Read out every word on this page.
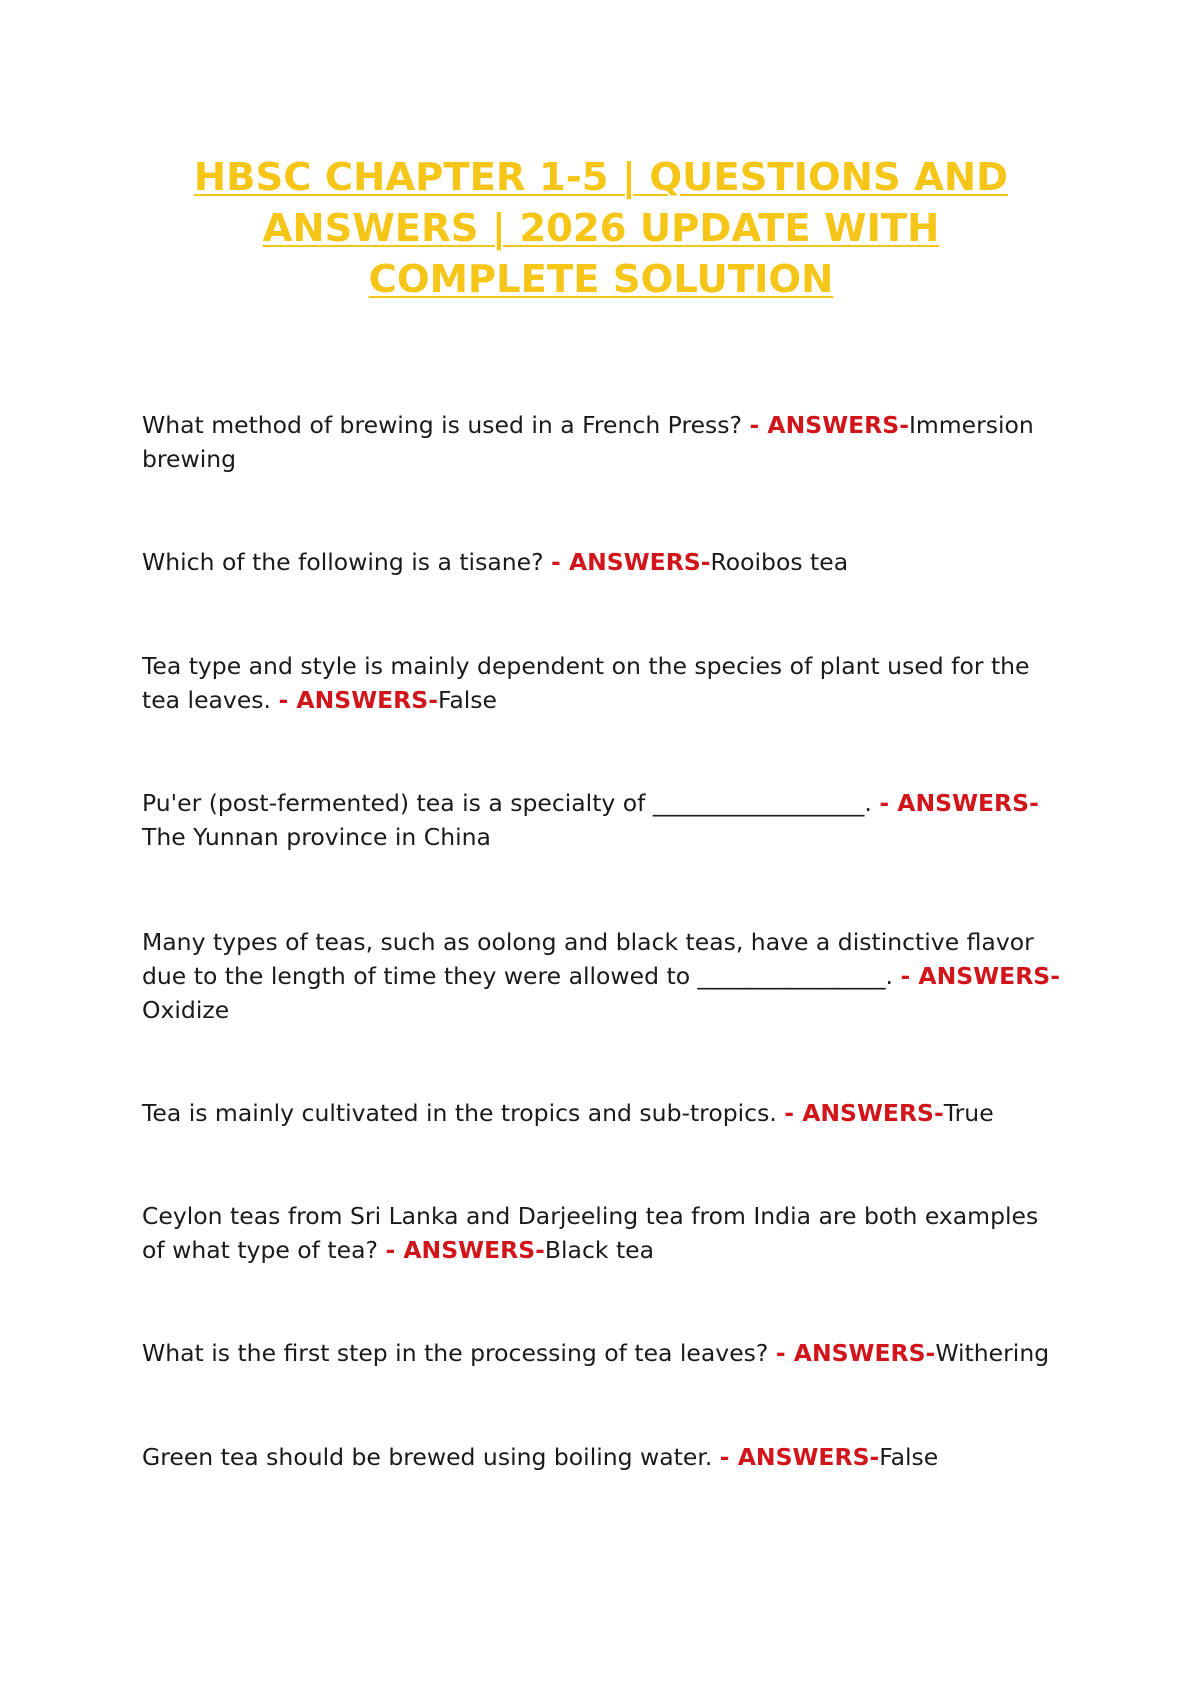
HBSC CHAPTER 1-5 | QUESTIONS AND ANSWERS | 2026 UPDATE WITH COMPLETE SOLUTION

What method of brewing is used in a French Press? - ANSWERS-Immersion brewing

Which of the following is a tisane? - ANSWERS-Rooibos tea

Tea type and style is mainly dependent on the species of plant used for the tea leaves. - ANSWERS-False

Pu'er (post-fermented) tea is a specialty of __________________. - ANSWERS-The Yunnan province in China

Many types of teas, such as oolong and black teas, have a distinctive flavor due to the length of time they were allowed to ________________. - ANSWERS-Oxidize

Tea is mainly cultivated in the tropics and sub-tropics. - ANSWERS-True

Ceylon teas from Sri Lanka and Darjeeling tea from India are both examples of what type of tea? - ANSWERS-Black tea

What is the first step in the processing of tea leaves? - ANSWERS-Withering

Green tea should be brewed using boiling water. - ANSWERS-False
